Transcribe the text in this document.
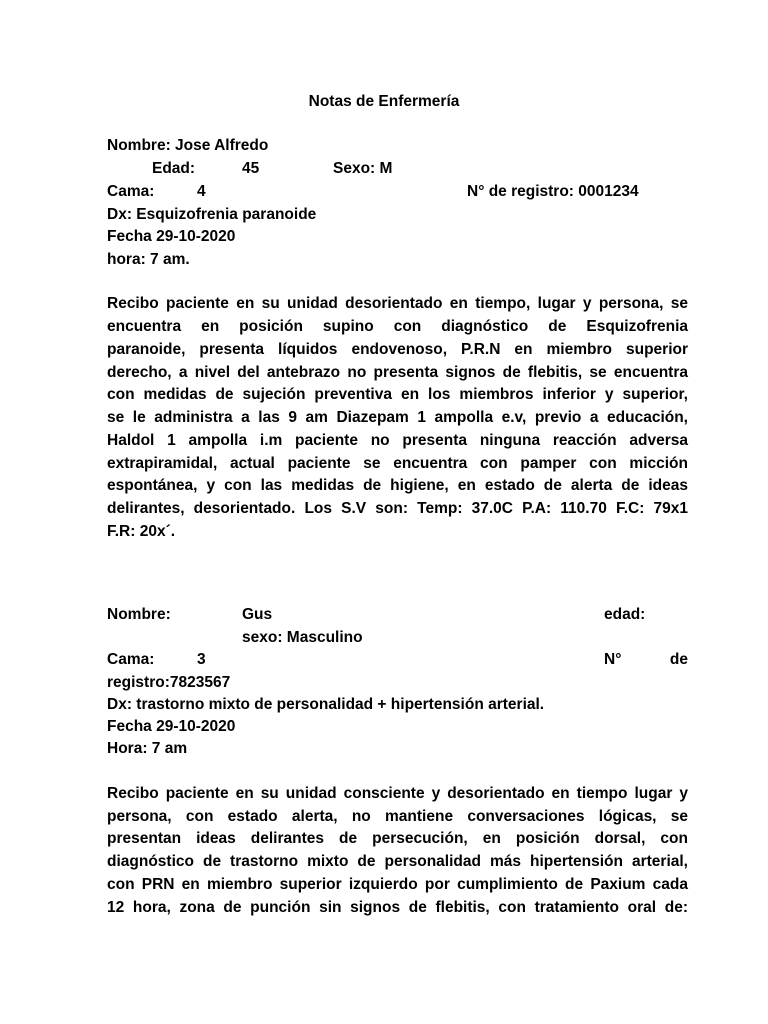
Notas de Enfermería
Nombre: Jose Alfredo
Edad:	45	Sexo: M
Cama:	4	N° de registro: 0001234
Dx: Esquizofrenia paranoide
Fecha 29-10-2020
hora: 7 am.
Recibo paciente en su unidad desorientado en tiempo, lugar y persona, se
encuentra en posición supino con diagnóstico de Esquizofrenia
paranoide, presenta líquidos endovenoso, P.R.N en miembro superior
derecho, a nivel del antebrazo no presenta signos de flebitis, se encuentra
con medidas de sujeción preventiva en los miembros inferior y superior,
se le administra a las 9 am Diazepam 1 ampolla e.v, previo a educación,
Haldol 1 ampolla i.m paciente no presenta ninguna reacción adversa
extrapiramidal, actual paciente se encuentra con pamper con micción
espontánea, y con las medidas de higiene, en estado de alerta de ideas
delirantes, desorientado. Los S.V son: Temp: 37.0C P.A: 110.70 F.C: 79x1
F.R: 20x´.
Nombre:	Gus	edad:
sexo: Masculino
Cama:	3	N°	de
registro:7823567
Dx: trastorno mixto de personalidad + hipertensión arterial.
Fecha 29-10-2020
Hora: 7 am
Recibo paciente en su unidad consciente y desorientado en tiempo lugar y
persona, con estado alerta, no mantiene conversaciones lógicas, se
presentan ideas delirantes de persecución, en posición dorsal, con
diagnóstico de trastorno mixto de personalidad más hipertensión arterial,
con PRN en miembro superior izquierdo por cumplimiento de Paxium cada
12 hora, zona de punción sin signos de flebitis, con tratamiento oral de:
